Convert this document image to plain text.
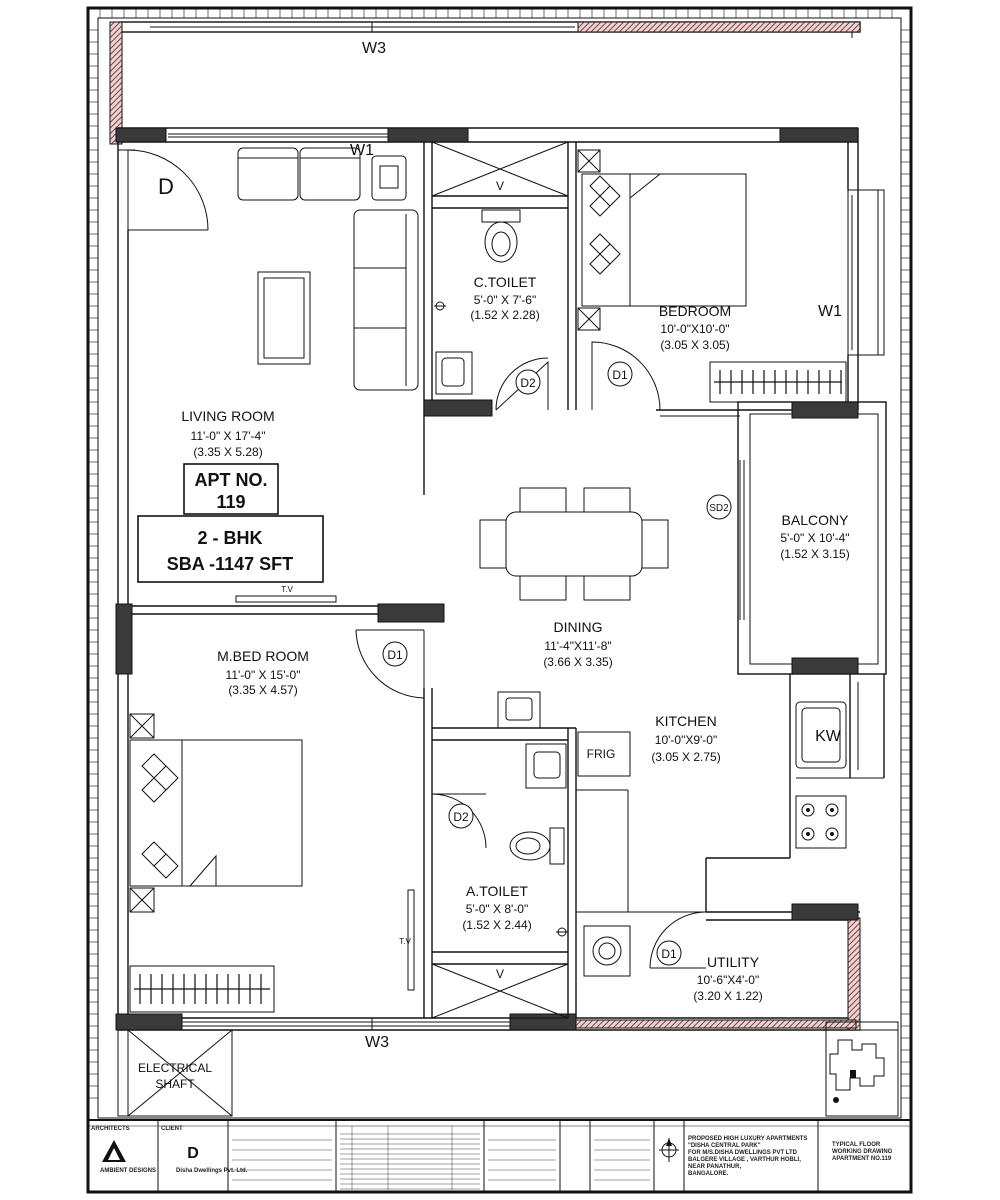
D
LIVING ROOM
11'-0" X 17'-4"
(3.35 X 5.28)
C.TOILET
5'-0" X 7'-6"
(1.52 X 2.28)	BEDROOM
10'-0"X10'-0"
(3.05 X 3.05)
BALCONY
5'-0" X 10'-4"
(1.52 X 3.15)
DINING
11'-4"X11'-8"
(3.66 X 3.35)
M.BED ROOM
11'-0" X 15'-0"
(3.35 X 4.57)
KITCHEN
10'-0"X9'-0"
(3.05 X 2.75)
A.TOILET
5'-0" X 8'-0"
(1.52 X 2.44)
UTILITY
10'-6"X4'-0"
(3.20 X 1.22)
ELECTRICAL
SHAFT
APT NO.
119
2 - BHK
SBA -1147 SFT
D
W1
W1
W3
W3
V
V
D2
D1
D1
D2
D1
SD2
KW
FRIG
T.V
T.V
ARCHITECTS	CLIENT
AMBIENT DESIGNS	Disha Dwellings Pvt. Ltd.
PROPOSED HIGH LUXURY APARTMENTS
"DISHA CENTRAL PARK"
FOR M/S.DISHA DWELLINGS PVT LTD
BALGERE VILLAGE , VARTHUR HOBLI,
NEAR PANATHUR,
BANGALORE.
TYPICAL FLOOR
WORKING DRAWING
APARTMENT NO.119
